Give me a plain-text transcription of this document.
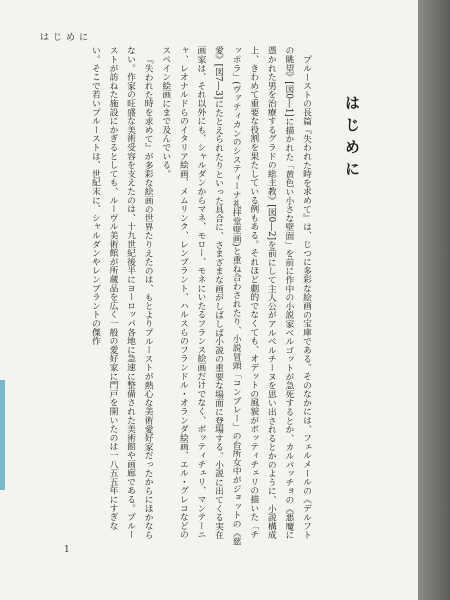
はじめに
はじめに

プルーストの長篇『失われた時を求めて』は、じつに多彩な絵画の宝庫である。そのなかには、フェルメールの《デルフトの眺望》[図0―1]に描かれた「黄色い小さな壁面」を前に作中の小説家ベルゴットが急死するとか、カルパッチョの《悪魔に憑かれた男を治療するグラドの総主教》[図0―2]を前にして主人公がアルベルチーヌを思い出されるとかのように、小説構成上、きわめて重要な役割を果たしている例もある。それほど劇的でなくても、オデットの風貌がボッティチェリの描いた「チッポラ」(ヴァティカンのシスティーナ礼拝堂壁画)と重ね合わされたり、小説冒頭「コンブレー」の台所女中がジョットの《慈愛》[図7―3]にたとえられたりといった具合に、さまざまな画がしばしば小説の重要な場面に登場する。小説に出てくる実在画家は、それ以外にも、シャルダンからマネ、モロー、モネにいたるフランス絵画だけでなく、ボッティチェリ、マンテーニャ、レオナルドらのイタリア絵画、メムリンク、レンブラント、ハルスらのフランドル・オランダ絵画、エル・グレコなどのスペイン絵画にまで及んでいる。

『失われた時を求めて』が多彩な絵画の世界たりえたのは、もとよりプルーストが熱心な美術愛好家だったからにほかならない。作家の旺盛な美術受容を支えたのは、十九世紀後半にヨーロッパ各地に急速に整備された美術館や画廊である。プルーストが訪ねた施設にかぎるとしても、ルーヴル美術館が所蔵品を広く一般の愛好家に門戸を開いたのは一八五五年にすぎない。そこで若いプルーストは、世紀末に、シャルダンやレンブラントの傑作

1
